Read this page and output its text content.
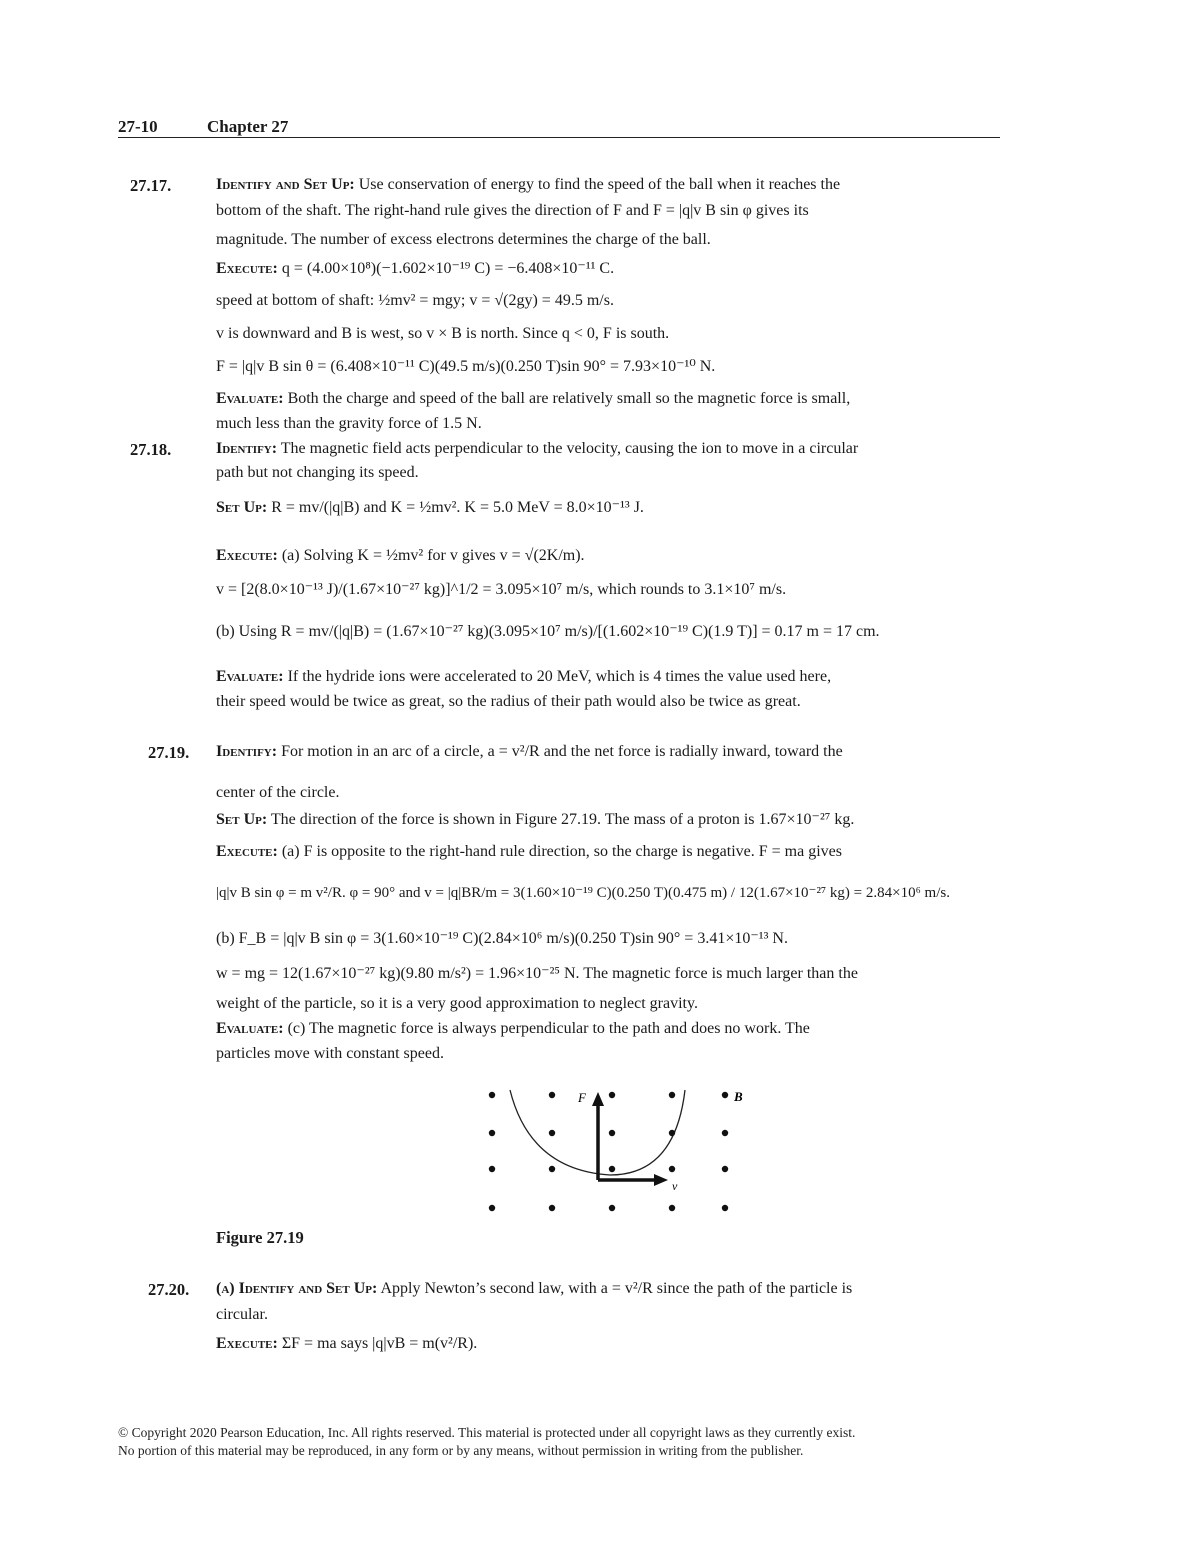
27-10	Chapter 27
27.17.	Identify and Set Up: Use conservation of energy to find the speed of the ball when it reaches the
bottom of the shaft. The right-hand rule gives the direction of F and F = |q|v B sin φ gives its
magnitude. The number of excess electrons determines the charge of the ball.
Execute: q = (4.00×10⁸)(−1.602×10⁻¹⁹ C) = −6.408×10⁻¹¹ C.
speed at bottom of shaft: ½mv² = mgy; v = √(2gy) = 49.5 m/s.
v is downward and B is west, so v × B is north. Since q < 0, F is south.
F = |q|v B sin θ = (6.408×10⁻¹¹ C)(49.5 m/s)(0.250 T)sin 90° = 7.93×10⁻¹⁰ N.
Evaluate: Both the charge and speed of the ball are relatively small so the magnetic force is small,
much less than the gravity force of 1.5 N.
27.18.	Identify: The magnetic field acts perpendicular to the velocity, causing the ion to move in a circular
path but not changing its speed.
Set Up: R = mv/(|q|B) and K = ½mv². K = 5.0 MeV = 8.0×10⁻¹³ J.
Execute: (a) Solving K = ½mv² for v gives v = √(2K/m).
v = [2(8.0×10⁻¹³ J)/(1.67×10⁻²⁷ kg)]^1/2 = 3.095×10⁷ m/s, which rounds to 3.1×10⁷ m/s.
(b) Using R = mv/(|q|B) = (1.67×10⁻²⁷ kg)(3.095×10⁷ m/s)/[(1.602×10⁻¹⁹ C)(1.9 T)] = 0.17 m = 17 cm.
Evaluate: If the hydride ions were accelerated to 20 MeV, which is 4 times the value used here,
their speed would be twice as great, so the radius of their path would also be twice as great.
27.19. Identify: For motion in an arc of a circle, a = v²/R and the net force is radially inward, toward the
center of the circle.
Set Up: The direction of the force is shown in Figure 27.19. The mass of a proton is 1.67×10⁻²⁷ kg.
Execute: (a) F is opposite to the right-hand rule direction, so the charge is negative. F = ma gives
|q|v B sin φ = m v²/R. φ = 90° and v = |q|BR/m = 3(1.60×10⁻¹⁹ C)(0.250 T)(0.475 m) / 12(1.67×10⁻²⁷ kg) = 2.84×10⁶ m/s.
(b) F_B = |q|v B sin φ = 3(1.60×10⁻¹⁹ C)(2.84×10⁶ m/s)(0.250 T)sin 90° = 3.41×10⁻¹³ N.
w = mg = 12(1.67×10⁻²⁷ kg)(9.80 m/s²) = 1.96×10⁻²⁵ N. The magnetic force is much larger than the
weight of the particle, so it is a very good approximation to neglect gravity.
Evaluate: (c) The magnetic force is always perpendicular to the path and does no work. The
particles move with constant speed.
F
v
B
Figure 27.19
27.20. (a) Identify and Set Up: Apply Newton’s second law, with a = v²/R since the path of the particle is
circular.
Execute: ΣF = ma says |q|vB = m(v²/R).
© Copyright 2020 Pearson Education, Inc. All rights reserved. This material is protected under all copyright laws as they currently exist.
No portion of this material may be reproduced, in any form or by any means, without permission in writing from the publisher.
